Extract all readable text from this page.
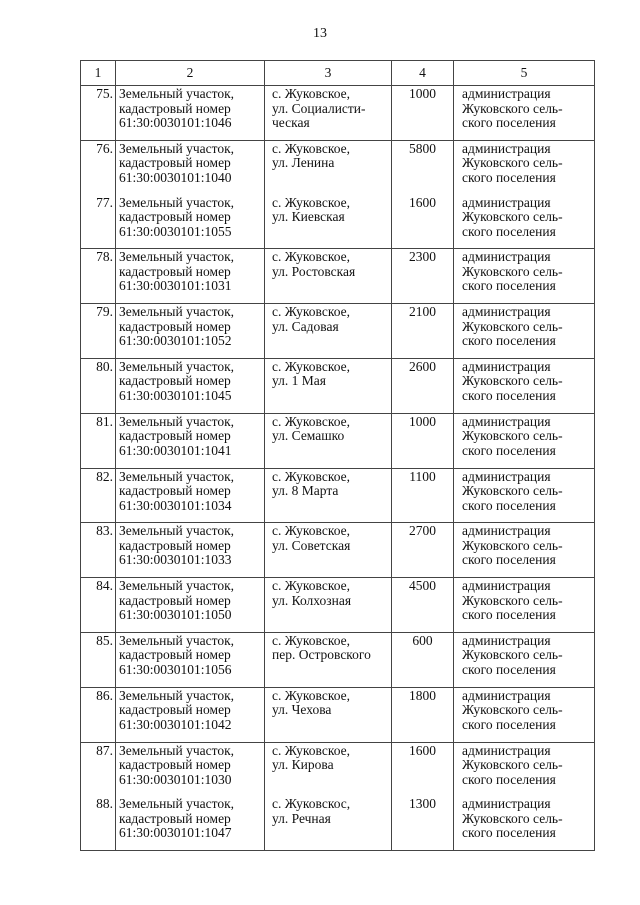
13
1	2	3	4	5

75.	Земельный участок,
кадастровый номер
61:30:0030101:1046	с. Жуковское,
ул. Социалисти-
ческая	1000	администрация
Жуковского сель-
ского поселения

76.	Земельный участок,
кадастровый номер
61:30:0030101:1040	с. Жуковское,
ул. Ленина	5800	администрация
Жуковского сель-
ского поселения

77.	Земельный участок,
кадастровый номер
61:30:0030101:1055	с. Жуковское,
ул. Киевская	1600	администрация
Жуковского сель-
ского поселения

78.	Земельный участок,
кадастровый номер
61:30:0030101:1031	с. Жуковское,
ул. Ростовская	2300	администрация
Жуковского сель-
ского поселения

79.	Земельный участок,
кадастровый номер
61:30:0030101:1052	с. Жуковское,
ул. Садовая	2100	администрация
Жуковского сель-
ского поселения

80.	Земельный участок,
кадастровый номер
61:30:0030101:1045	с. Жуковское,
ул. 1 Мая	2600	администрация
Жуковского сель-
ского поселения

81.	Земельный участок,
кадастровый номер
61:30:0030101:1041	с. Жуковское,
ул. Семашко	1000	администрация
Жуковского сель-
ского поселения

82.	Земельный участок,
кадастровый номер
61:30:0030101:1034	с. Жуковское,
ул. 8 Марта	1100	администрация
Жуковского сель-
ского поселения

83.	Земельный участок,
кадастровый номер
61:30:0030101:1033	с. Жуковское,
ул. Советская	2700	администрация
Жуковского сель-
ского поселения

84.	Земельный участок,
кадастровый номер
61:30:0030101:1050	с. Жуковское,
ул. Колхозная	4500	администрация
Жуковского сель-
ского поселения

85.	Земельный участок,
кадастровый номер
61:30:0030101:1056	с. Жуковское,
пер. Островского	600	администрация
Жуковского сель-
ского поселения

86.	Земельный участок,
кадастровый номер
61:30:0030101:1042	с. Жуковское,
ул. Чехова	1800	администрация
Жуковского сель-
ского поселения

87.	Земельный участок,
кадастровый номер
61:30:0030101:1030	с. Жуковское,
ул. Кирова	1600	администрация
Жуковского сель-
ского поселения

88.	Земельный участок,
кадастровый номер
61:30:0030101:1047	с. Жуковскос,
ул. Речная	1300	администрация
Жуковского сель-
ского поселения
